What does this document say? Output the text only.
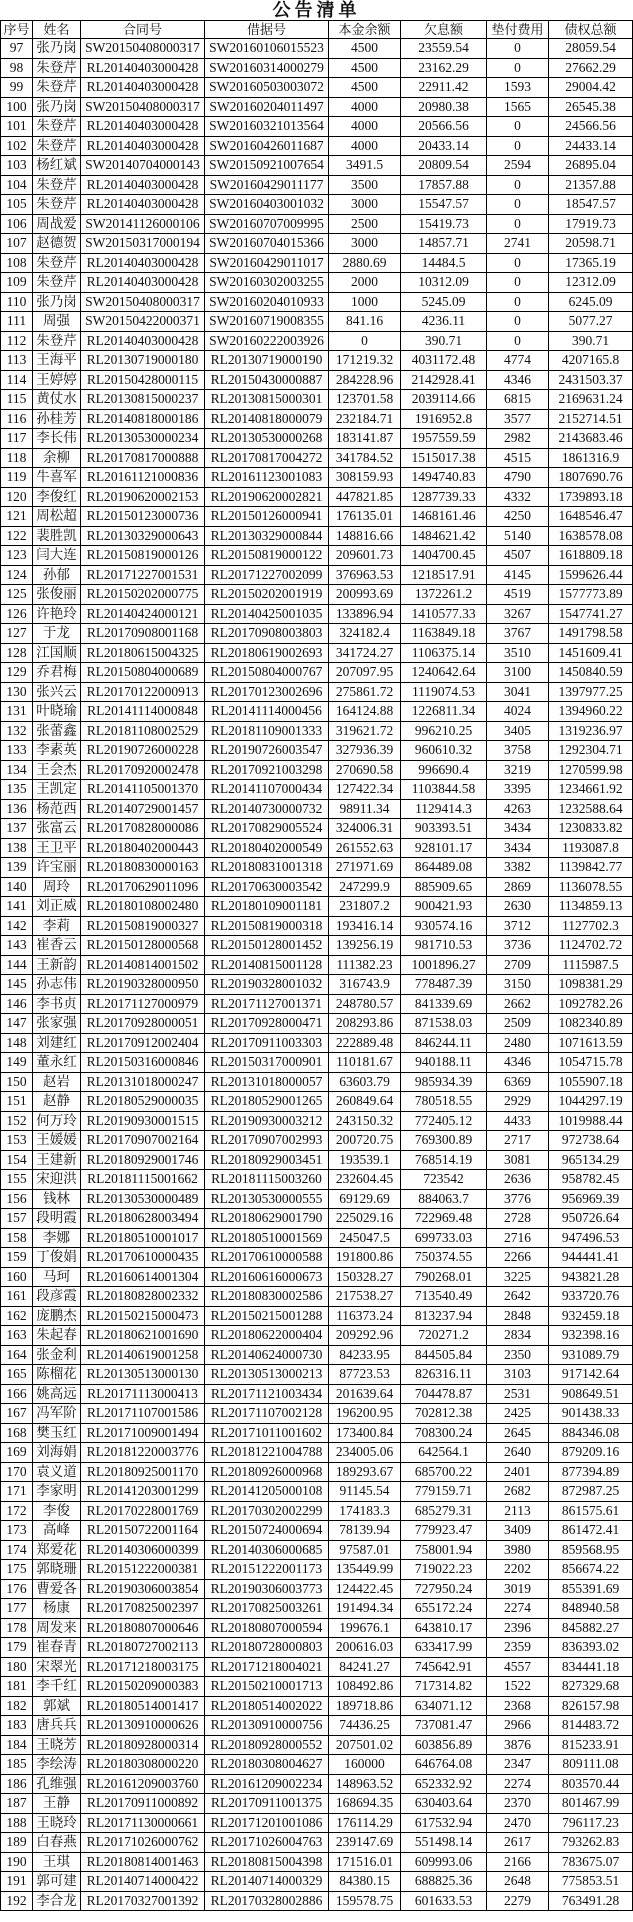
公告清单
序号	姓名	合同号	借据号	本金余额	欠息额	垫付费用	债权总额
97 张乃岗 SW20150408000317 SW20160106015523	4500	23559.54	0	28059.54
98 朱登芹 RL20140403000428 SW20160314000279	4500	23162.29	0	27662.29
99 朱登芹 RL20140403000428 SW20160503003072	4500	22911.42	1593	29004.42
100 张乃岗 SW20150408000317 SW20160204011497	4000	20980.38	1565	26545.38
101 朱登芹 RL20140403000428 SW20160321013564	4000	20566.56	0	24566.56
102 朱登芹 RL20140403000428 SW20160426011687	4000	20433.14	0	24433.14
103 杨红斌 SW20140704000143 SW20150921007654	3491.5	20809.54	2594	26895.04
104 朱登芹 RL20140403000428 SW20160429011177	3500	17857.88	0	21357.88
105 朱登芹 RL20140403000428 SW20160403001032	3000	15547.57	0	18547.57
106 周战爱 SW20141126000106 SW20160707009995	2500	15419.73	0	17919.73
107 赵德贺 SW20150317000194 SW20160704015366	3000	14857.71	2741	20598.71
108 朱登芹 RL20140403000428 SW20160429011017	2880.69	14484.5	0	17365.19
109 朱登芹 RL20140403000428 SW20160302003255	2000	10312.09	0	12312.09
110 张乃岗 SW20150408000317 SW20160204010933	1000	5245.09	0	6245.09
111	周强	SW20150422000371 SW20160719008355	841.16	4236.11	0	5077.27
112 朱登芹 RL20140403000428 SW20160222003926	0	390.71	0	390.71
113 王海平 RL20130719000180 RL20130719000190 171219.32	4031172.48	4774	4207165.8
114 王婷婷 RL20150428000115 RL20150430000887 284228.96	2142928.41	4346	2431503.37
115 黄仗水 RL20130815000237 RL20130815000301 123701.58	2039114.66	6815	2169631.24
116 孙桂芳 RL20140818000186 RL20140818000079 232184.71	1916952.8	3577	2152714.51
117 李长伟 RL20130530000234 RL20130530000268 183141.87	1957559.59	2982	2143683.46
118	余柳	RL20170817000888 RL20170817004272 341784.52	1515017.38	4515	1861316.9
119 牛喜军 RL20161121000836 RL20161123001083	308159.93	1494740.83	4790	1807690.76
120 李俊红 RL20190620002153 RL20190620002821 447821.85	1287739.33	4332	1739893.18
121 周松超 RL20150123000736 RL20150126000941 176135.01	1468161.46	4250	1648546.47
122 裴胜凯 RL20130329000643 RL20130329000844 148816.66	1484621.42	5140	1638578.08
123 闫大连 RL20150819000126 RL20150819000122 209601.73	1404700.45	4507	1618809.18
124	孙郁	RL20171227001531 RL20171227002099 376963.53	1218517.91	4145	1599626.44
125 张俊丽 RL20150202000775 RL20150202001919 200993.69	1372261.2	4519	1577773.89
126 许艳玲 RL20140424000121 RL20140425001035 133896.94	1410577.33	3267	1547741.27
127	于龙	RL20170908001168 RL20170908003803	324182.4	1163849.18	3767	1491798.58
128 江国顺 RL20180615004325 RL20180619002693 341724.27	1106375.14	3510	1451609.41
129 乔君梅 RL20150804000689 RL20150804000767 207097.95	1240642.64	3100	1450840.59
130 张兴云 RL20170122000913 RL20170123002696 275861.72	1119074.53	3041	1397977.25
131 叶晓瑜 RL20141114000848 RL20141114000456	164124.88	1226811.34	4024	1394960.22
132 张蕾鑫 RL20181108002529 RL20181109001333	319621.72	996210.25	3405	1319236.97
133 李素英 RL20190726000228 RL20190726003547 327936.39	960610.32	3758	1292304.71
134 王会杰 RL20170920002478 RL20170921003298 270690.58	996690.4	3219	1270599.98
135 王凯定 RL20141105001370 RL20141107000434	127422.34	1103844.58	3395	1234661.92
136 杨范西 RL20140729001457 RL20140730000732	98911.34	1129414.3	4263	1232588.64
137 张富云 RL20170828000086 RL20170829005524 324006.31	903393.51	3434	1230833.82
138 王卫平 RL20180402000443 RL20180402000549 261552.63	928101.17	3434	1193087.8
139 许宝丽 RL20180830000163 RL20180831001318 271971.69	864489.08	3382	1139842.77
140	周玲	RL20170629011096 RL20170630003542	247299.9	885909.65	2869	1136078.55
141 刘正威 RL20180108002480 RL20180109001181	231807.2	900421.93	2630	1134859.13
142	李莉	RL20150819000327 RL20150819000318 193416.14	930574.16	3712	1127702.3
143 崔香云 RL20150128000568 RL20150128001452 139256.19	981710.53	3736	1124702.72
144 王新韵 RL20140814001502 RL20140815001128	111382.23	1001896.27	2709	1115987.5
145 孙志伟 RL20190328000950 RL20190328001032	316743.9	778487.39	3150	1098381.29
146 李书贞 RL20171127000979 RL20171127001371	248780.57	841339.69	2662	1092782.26
147 张家强 RL20170928000051 RL20170928000471 208293.86	871538.03	2509	1082340.89
148 刘建红 RL20170912002404 RL20170911003303	222889.48	846244.11	2480	1071613.59
149 董永红 RL20150316000846 RL20150317000901	110181.67	940188.11	4346	1054715.78
150	赵岩	RL20131018000247 RL20131018000057	63603.79	985934.39	6369	1055907.18
151	赵静	RL20180529000035 RL20180529001265 260849.64	780518.55	2929	1044297.19
152 何万玲 RL20190930001515 RL20190930003212 243150.32	772405.12	4433	1019988.44
153 王媛媛 RL20170907002164 RL20170907002993 200720.75	769300.89	2717	972738.64
154 王建新 RL20180929001746 RL20180929003451	193539.1	768514.19	3081	965134.29
155 宋迎洪 RL20181115001662 RL20181115003260	232604.45	723542	2636	958782.45
156	钱林	RL20130530000489 RL20130530000555	69129.69	884063.7	3776	956969.39
157 段明霞 RL20180628003494 RL20180629001790 225029.16	722969.48	2728	950726.64
158	李娜	RL20180510001017 RL20180510001569	245047.5	699733.03	2716	947496.53
159 丁俊娟 RL20170610000435 RL20170610000588 191800.86	750374.55	2266	944441.41
160	马珂	RL20160614001304 RL20160616000673 150328.27	790268.01	3225	943821.28
161 段彦霞 RL20180828002332 RL20180830002586 217538.27	713540.49	2642	933720.76
162 庞鹏杰 RL20150215000473 RL20150215001288	116373.24	813237.94	2848	932459.18
163 朱起春 RL20180621001690 RL20180622000404 209292.96	720271.2	2834	932398.16
164 张金利 RL20140619001258 RL20140624000730	84233.95	844505.84	2350	931089.79
165 陈榴花 RL20130513000130 RL20130513000213	87723.53	826316.11	3103	917142.64
166 姚高远 RL20171113000413 RL20171121003434	201639.64	704478.87	2531	908649.51
167 冯军阶 RL20171107001586 RL20171107002128	196200.95	702812.38	2425	901438.33
168 樊玉红 RL20171009001494 RL20171011001602	173400.84	708300.24	2645	884346.08
169 刘海娟 RL20181220003776 RL20181221004788 234005.06	642564.1	2640	879209.16
170 袁义道 RL20180925001170 RL20180926000968 189293.67	685700.22	2401	877394.89
171 李家明 RL20141203001299 RL20141205000108	91145.54	779159.71	2682	872987.25
172	李俊	RL20170228001769 RL20170302002299	174183.3	685279.31	2113	861575.61
173	高峰	RL20150722001164 RL20150724000694	78139.94	779923.47	3409	861472.41
174 郑爱花 RL20140306000399 RL20140306000685	97587.01	758001.94	3980	859568.95
175 郭晓珊 RL20151222000381 RL20151222001173	135449.99	719022.23	2202	856674.22
176 曹爱各 RL20190306003854 RL20190306003773 124422.45	727950.24	3019	855391.69
177	杨康	RL20170825002397 RL20170825003261 191494.34	655172.24	2274	848940.58
178 周发来 RL20180807000646 RL20180807000594	199676.1	643810.17	2396	845882.27
179 崔春青 RL20180727002113 RL20180728000803 200616.03	633417.99	2359	836393.02
180 宋翠光 RL20171218003175 RL20171218004021	84241.27	745642.91	4557	834441.18
181 李千红 RL20150209000383 RL20150210001713 108492.86	717314.82	1522	827329.68
182	郭斌	RL20180514001417 RL20180514002022 189718.86	634071.12	2368	826157.98
183 唐兵兵 RL20130910000626 RL20130910000756	74436.25	737081.47	2966	814483.72
184 王晓芳 RL20180928000314 RL20180928000552 207501.02	603856.89	3876	815233.91
185 李绘涛 RL20180308000220 RL20180308004627	160000	646764.08	2347	809111.08
186 孔维强 RL20161209003760 RL20161209002234 148963.52	652332.92	2274	803570.44
187	王静	RL20170911000892 RL20170911001375	168694.35	630403.64	2370	801467.99
188 王晓玲 RL20171130000661 RL20171201001086	176114.29	617532.94	2470	796117.23
189 白春燕 RL20171026000762 RL20171026004763 239147.69	551498.14	2617	793262.83
190	王琪	RL20180814001463 RL20180815004398 171516.01	609993.06	2166	783675.07
191 郭可建 RL20140714000422 RL20140714000329	84380.15	688825.36	2648	775853.51
192 李合龙 RL20170327001392 RL20170328002886 159578.75	601633.53	2279	763491.28
